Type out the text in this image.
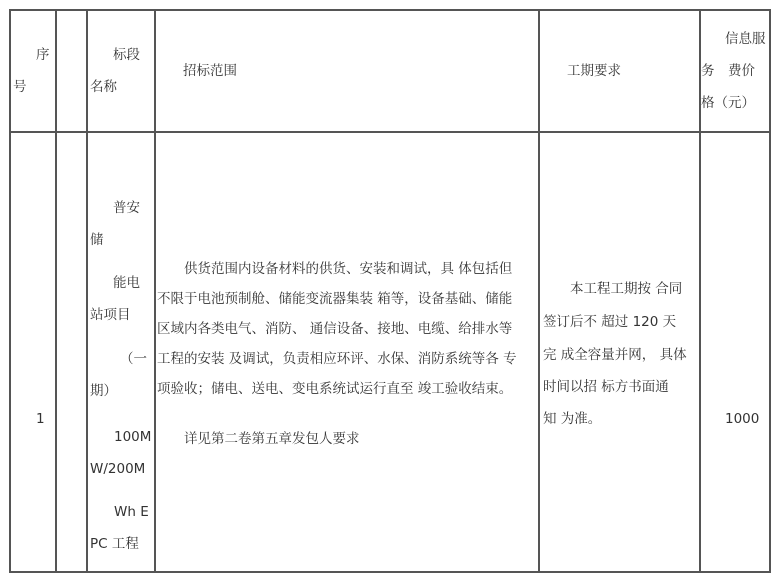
序
号
标段
名称
招标范围	工期要求
信息服
务　费价
格（元）
1
普安
储
能电
站项目
（一
期）
100M
W/200M
Wh E
PC 工程
　　供货范围内设备材料的供货、安装和调试，具 体包括但
不限于电池预制舱、储能变流器集装 箱等，设备基础、储能
区域内各类电气、消防、 通信设备、接地、电缆、给排水等
工程的安装 及调试，负责相应环评、水保、消防系统等各 专
项验收；储电、送电、变电系统试运行直至 竣工验收结束。
　　详见第二卷第五章发包人要求
　　本工程工期按 合同
签订后不 超过 120 天
完 成全容量并网， 具体
时间以招 标方书面通
知 为准。	1000
